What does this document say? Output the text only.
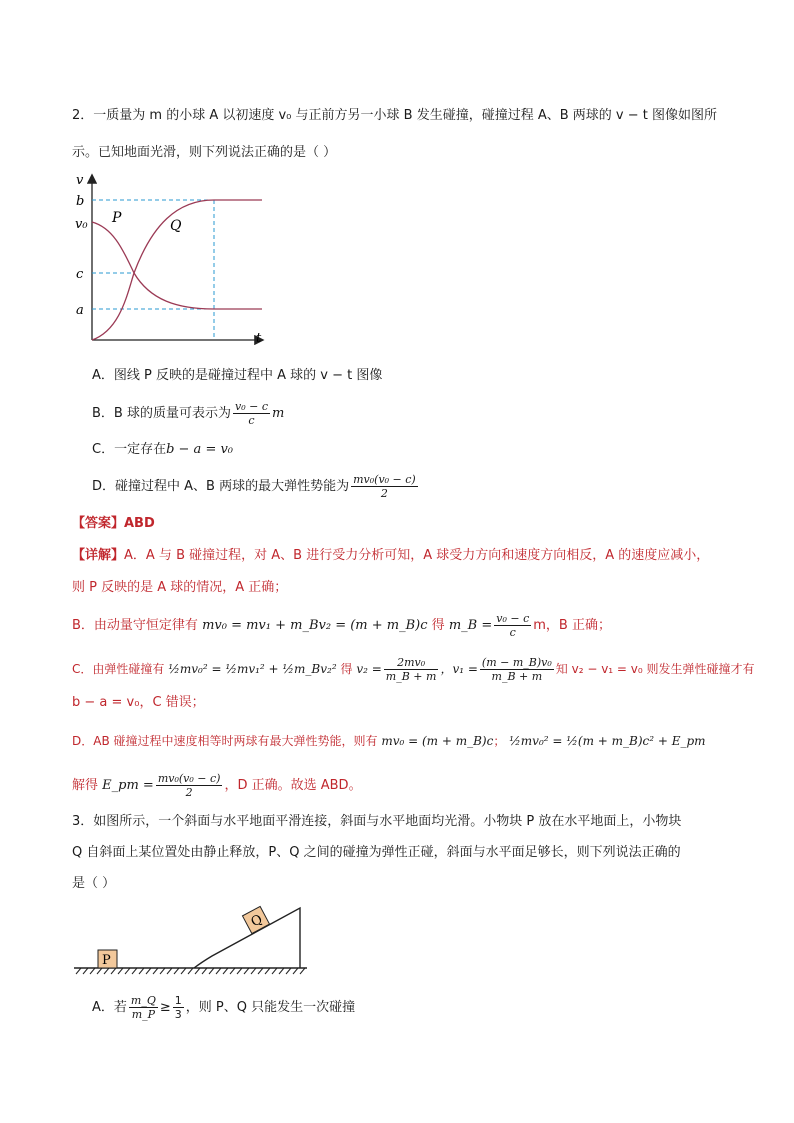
2．一质量为 m 的小球 A 以初速度 v₀ 与正前方另一小球 B 发生碰撞，碰撞过程 A、B 两球的 v − t 图像如图所
示。已知地面光滑，则下列说法正确的是（ ）
v
t
b
v₀
c
a
P	Q
A．图线 P 反映的是碰撞过程中 A 球的 v − t 图像
B．B 球的质量可表示为 $\frac{\text{v₀ − c}}{c}$ m
C．一定存在b − a = v₀
D．碰撞过程中 A、B 两球的最大弹性势能为 $\frac{\text{mv₀(v₀ − c)}}{2}$
【答案】ABD
【详解】A．A 与 B 碰撞过程，对 A、B 进行受力分析可知，A 球受力方向和速度方向相反，A 的速度应减小，
则 P 反映的是 A 球的情况，A 正确；
B．由动量守恒定律有 mv₀ = mv₁ + m_Bv₂ = (m + m_B)c 得 m_B = $\frac{\text{v₀ − c}}{c}$ m，B 正确；
C．由弹性碰撞有 ½mv₀² = ½mv₁² + ½m_Bv₂² 得 $v_2 = \frac{\text{2mv₀}}{m\_B + m}$ ，$v_1 = \frac{\text{(m − m\_B)v₀}}{m\_B + m}$ 知 v₂ − v₁ = v₀ 则发生弹性碰撞才有
b − a = v₀，C 错误；
D．AB 碰撞过程中速度相等时两球有最大弹性势能，则有 mv₀ = (m + m_B)c； ½mv₀² = ½(m + m_B)c² + E_pm
解得 E_pm = $\frac{\text{mv₀(v₀ − c)}}{2}$ ，D 正确。故选 ABD。
3．如图所示，一个斜面与水平地面平滑连接，斜面与水平地面均光滑。小物块 P 放在水平地面上，小物块
Q 自斜面上某位置处由静止释放，P、Q 之间的碰撞为弹性正碰，斜面与水平面足够长，则下列说法正确的
是（ ）
P
Q
A．若 $\frac{m\_Q}{m\_P} \ge \frac{1}{3}$ ，则 P、Q 只能发生一次碰撞
